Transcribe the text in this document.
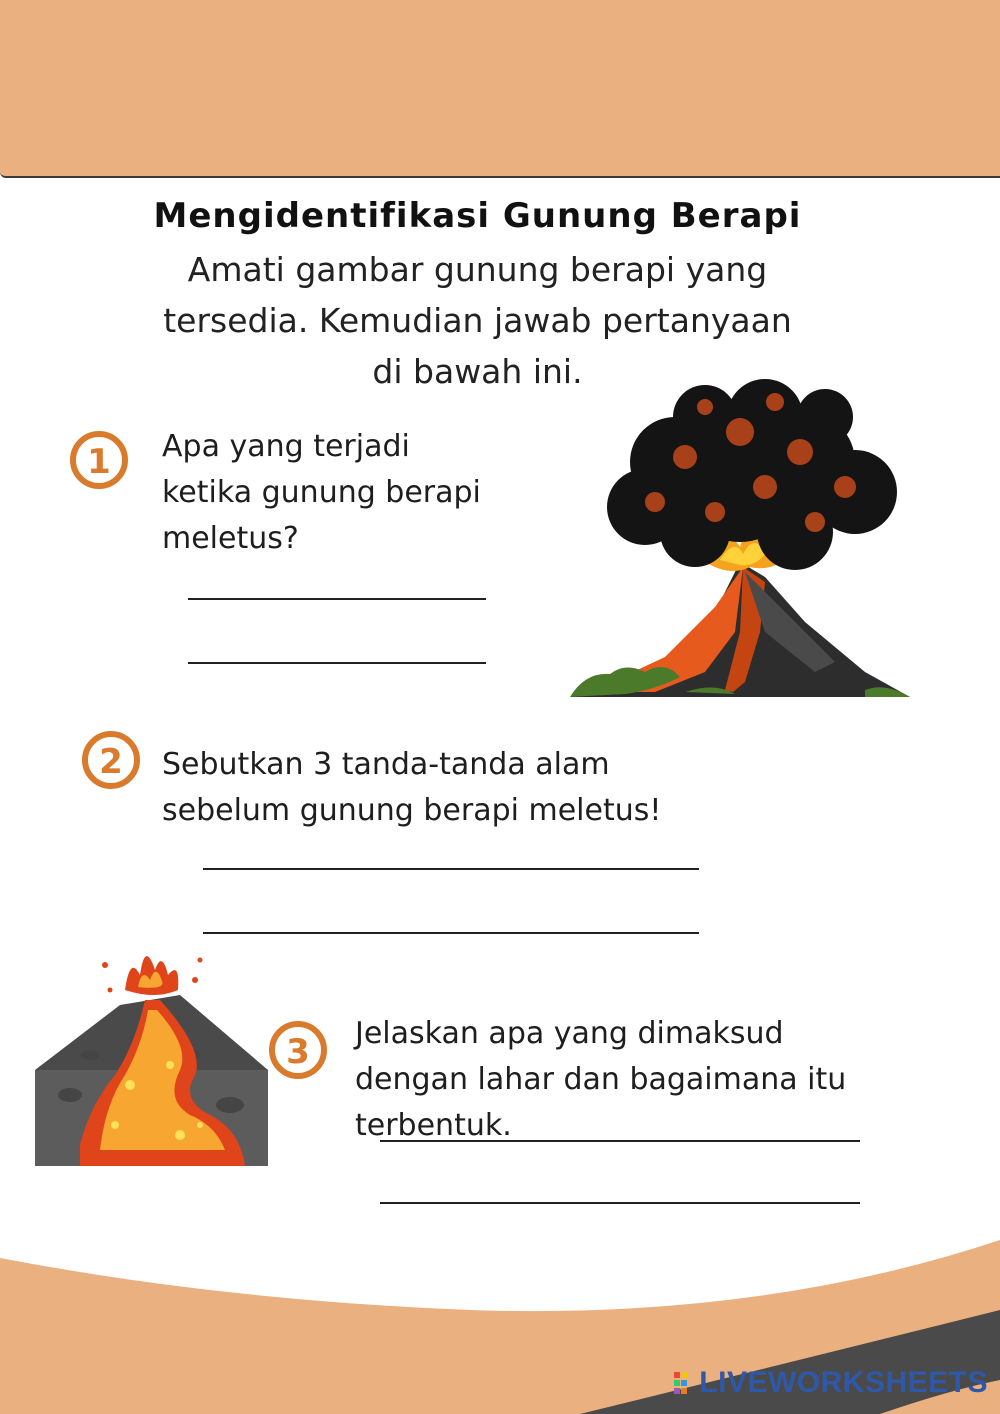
Mengidentifikasi Gunung Berapi
Amati gambar gunung berapi yang tersedia. Kemudian jawab pertanyaan di bawah ini.
1 Apa yang terjadi ketika gunung berapi meletus?
2 Sebutkan 3 tanda-tanda alam sebelum gunung berapi meletus!
3 Jelaskan apa yang dimaksud dengan lahar dan bagaimana itu terbentuk.
LIVEWORKSHEETS
